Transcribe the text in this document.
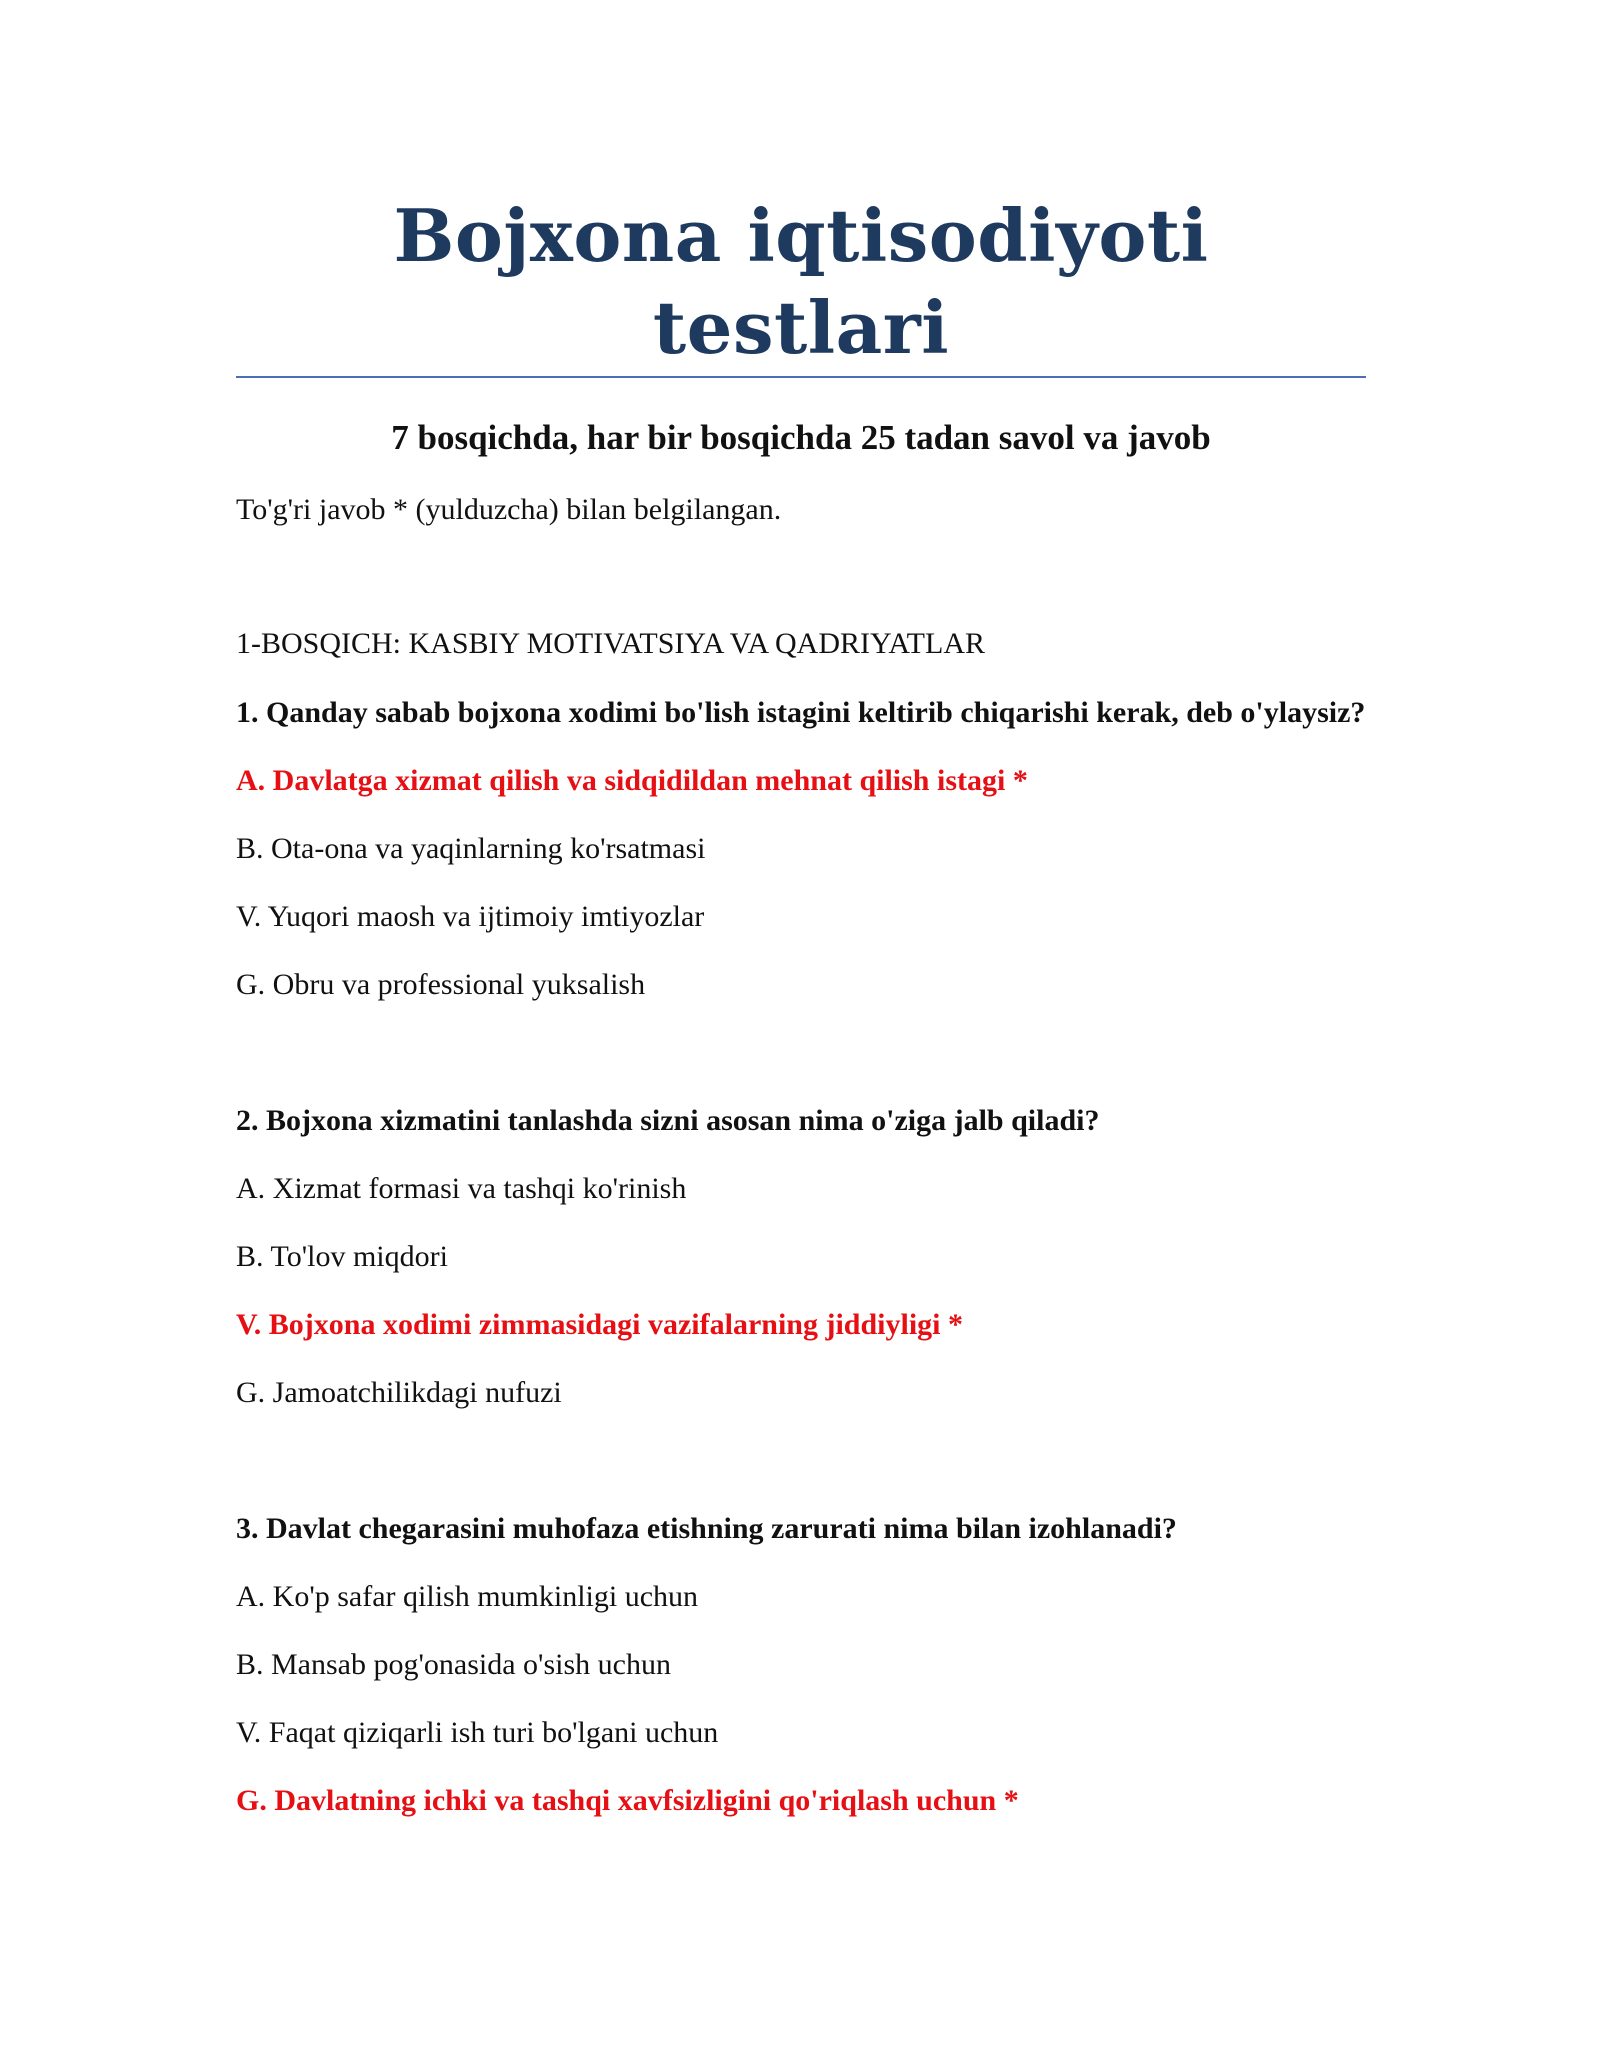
Bojxona iqtisodiyoti testlari

7 bosqichda, har bir bosqichda 25 tadan savol va javob

To'g'ri javob * (yulduzcha) bilan belgilangan.

1-BOSQICH: KASBIY MOTIVATSIYA VA QADRIYATLAR

1. Qanday sabab bojxona xodimi bo'lish istagini keltirib chiqarishi kerak, deb o'ylaysiz?

A. Davlatga xizmat qilish va sidqidildan mehnat qilish istagi *

B. Ota-ona va yaqinlarning ko'rsatmasi

V. Yuqori maosh va ijtimoiy imtiyozlar

G. Obru va professional yuksalish

2. Bojxona xizmatini tanlashda sizni asosan nima o'ziga jalb qiladi?

A. Xizmat formasi va tashqi ko'rinish

B. To'lov miqdori

V. Bojxona xodimi zimmasidagi vazifalarning jiddiyligi *

G. Jamoatchilikdagi nufuzi

3. Davlat chegarasini muhofaza etishning zarurati nima bilan izohlanadi?

A. Ko'p safar qilish mumkinligi uchun

B. Mansab pog'onasida o'sish uchun

V. Faqat qiziqarli ish turi bo'lgani uchun

G. Davlatning ichki va tashqi xavfsizligini qo'riqlash uchun *
